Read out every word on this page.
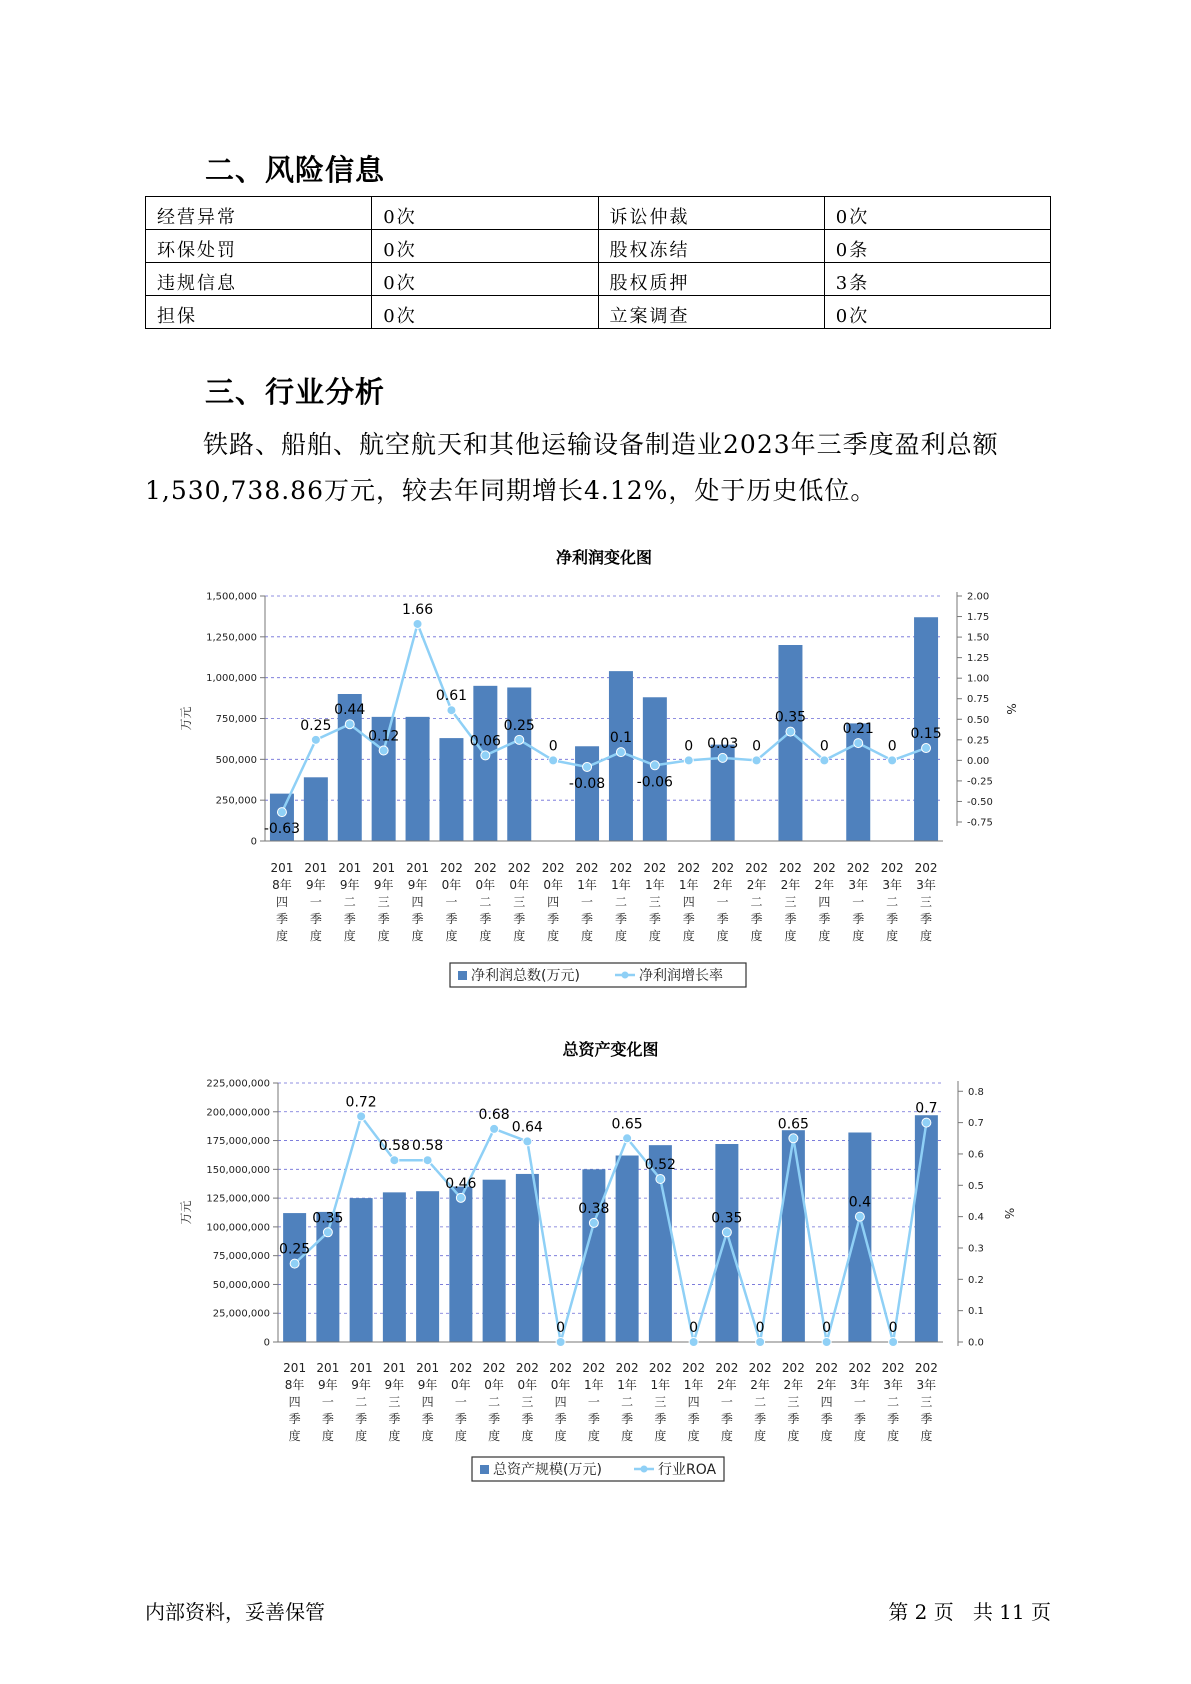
二、风险信息
经营异常	0次	诉讼仲裁	0次
环保处罚	0次	股权冻结	0条
违规信息	0次	股权质押	3条
担保	0次	立案调查	0次
三、行业分析
铁路、船舶、航空航天和其他运输设备制造业2023年三季度盈利总额
1,530,738.86万元，较去年同期增长4.12%，处于历史低位。
净利润变化图
0
250,000
500,000
750,000
1,000,000
1,250,000
1,500,000
-0.75
-0.50
-0.25
0.00
0.25
0.50
0.75
1.00
1.25
1.50
1.75
2.00
万元	%
201 8年四季度
201 9年一季度
201 9年二季度
201 9年三季度
201 9年四季度
202 0年一季度
202 0年二季度
202 0年三季度
202 0年四季度
202 1年一季度
202 1年二季度
202 1年三季度
202 1年四季度
202 2年一季度
202 2年二季度
202 2年三季度
202 2年四季度
202 3年一季度
202 3年二季度
202 3年三季度
-0.63
0.25
0.44
0.12
1.66
0.61
0.06
0.25
0
-0.08
0.1
-0.06
0 0.03 0
0.35
0
0.21
0
0.15
净利润总数(万元)	净利润增长率
总资产变化图
0
25,000,000
50,000,000
75,000,000
100,000,000
125,000,000
150,000,000
175,000,000
200,000,000
225,000,000
0.0
0.1
0.2
0.3
0.4
0.5
0.6
0.7
0.8
万元	%
201 8年四季度
201 9年一季度
201 9年二季度
201 9年三季度
201 9年四季度
202 0年一季度
202 0年二季度
202 0年三季度
202 0年四季度
202 1年一季度
202 1年二季度
202 1年三季度
202 1年四季度
202 2年一季度
202 2年二季度
202 2年三季度
202 2年四季度
202 3年一季度
202 3年二季度
202 3年三季度
0.25
0.35
0.72
0.58 0.58
0.46
0.68
0.64
0
0.38
0.65
0.52
0
0.35
0
0.65
0
0.4
0
0.7
总资产规模(万元)	行业ROA
内部资料，妥善保管	第 2 页   共 11 页
